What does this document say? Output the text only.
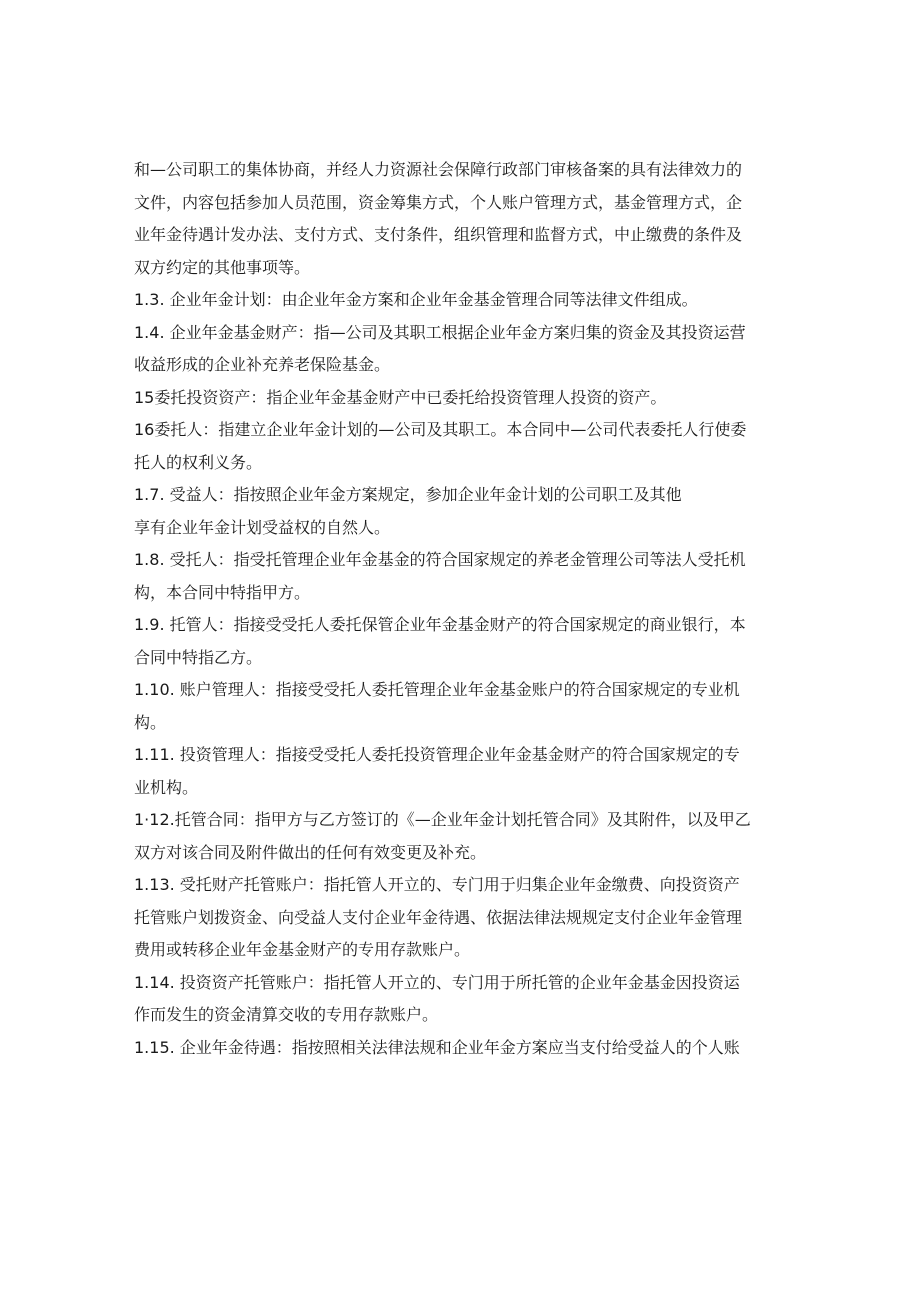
和—公司职工的集体协商，并经人力资源社会保障行政部门审核备案的具有法律效力的
文件，内容包括参加人员范围，资金筹集方式，个人账户管理方式，基金管理方式，企
业年金待遇计发办法、支付方式、支付条件，组织管理和监督方式，中止缴费的条件及
双方约定的其他事项等。
1.3. 企业年金计划：由企业年金方案和企业年金基金管理合同等法律文件组成。
1.4. 企业年金基金财产：指—公司及其职工根据企业年金方案归集的资金及其投资运营
收益形成的企业补充养老保险基金。
15委托投资资产：指企业年金基金财产中已委托给投资管理人投资的资产。
16委托人：指建立企业年金计划的—公司及其职工。本合同中—公司代表委托人行使委
托人的权利义务。
1.7. 受益人：指按照企业年金方案规定，参加企业年金计划的公司职工及其他
享有企业年金计划受益权的自然人。
1.8. 受托人：指受托管理企业年金基金的符合国家规定的养老金管理公司等法人受托机
构，本合同中特指甲方。
1.9. 托管人：指接受受托人委托保管企业年金基金财产的符合国家规定的商业银行，本
合同中特指乙方。
1.10. 账户管理人：指接受受托人委托管理企业年金基金账户的符合国家规定的专业机
构。
1.11. 投资管理人：指接受受托人委托投资管理企业年金基金财产的符合国家规定的专
业机构。
1·12.托管合同：指甲方与乙方签订的《—企业年金计划托管合同》及其附件，以及甲乙
双方对该合同及附件做出的任何有效变更及补充。
1.13. 受托财产托管账户：指托管人开立的、专门用于归集企业年金缴费、向投资资产
托管账户划拨资金、向受益人支付企业年金待遇、依据法律法规规定支付企业年金管理
费用或转移企业年金基金财产的专用存款账户。
1.14. 投资资产托管账户：指托管人开立的、专门用于所托管的企业年金基金因投资运
作而发生的资金清算交收的专用存款账户。
1.15. 企业年金待遇：指按照相关法律法规和企业年金方案应当支付给受益人的个人账
